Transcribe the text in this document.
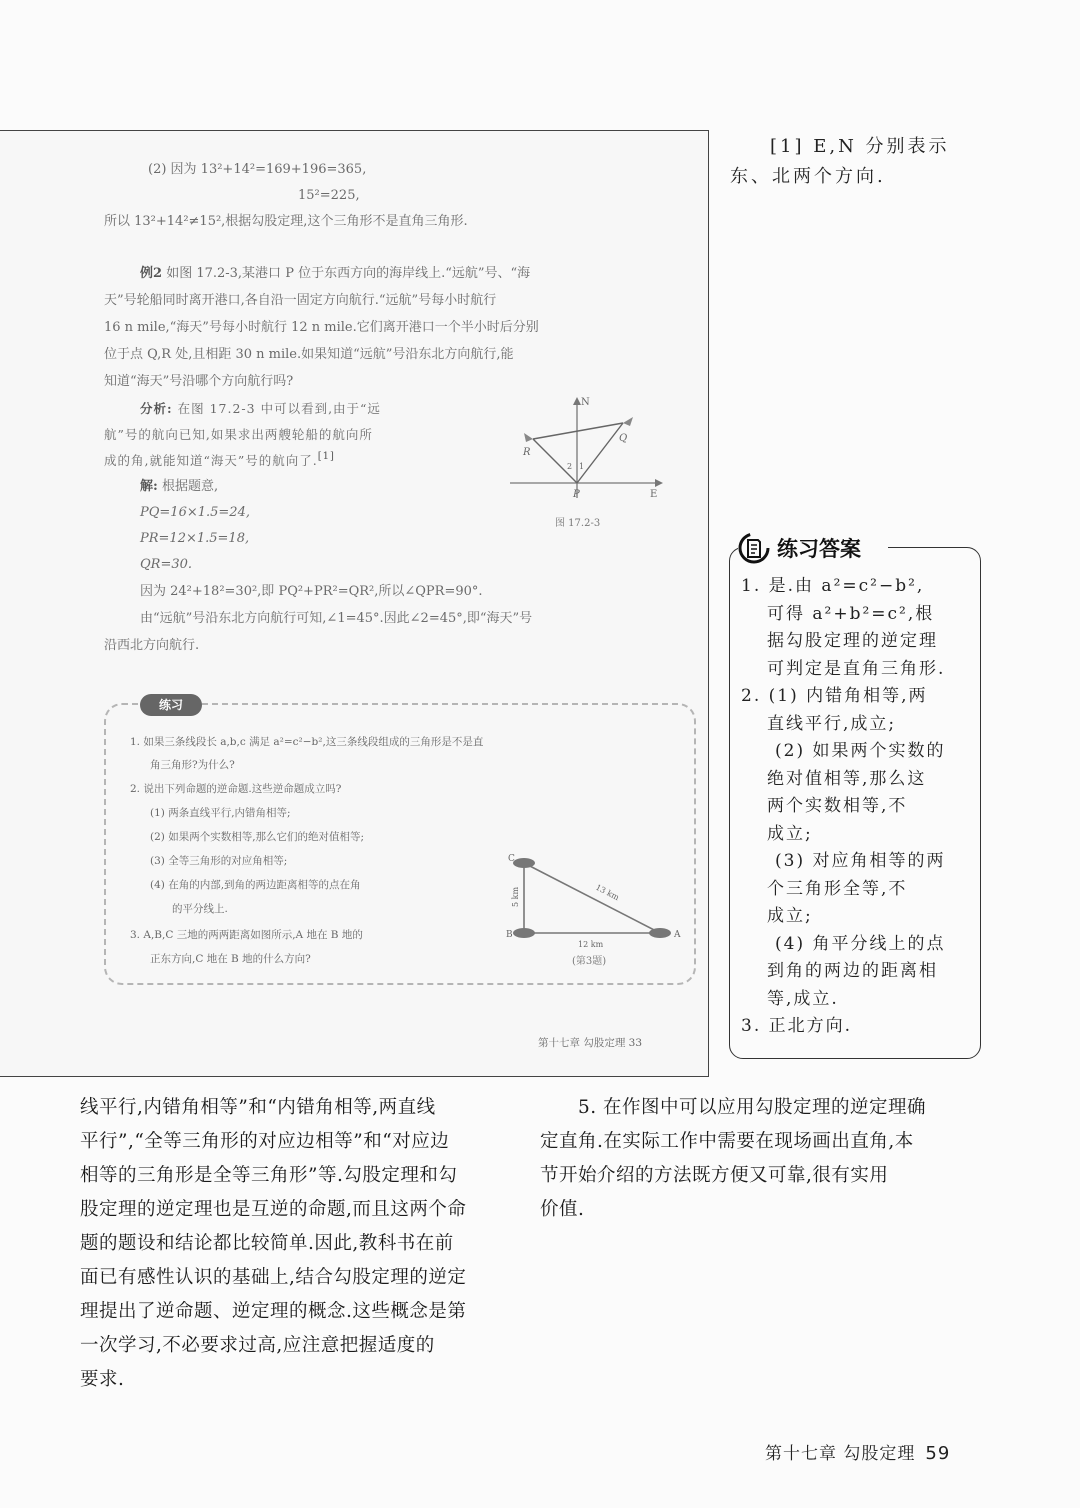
(2) 因为 13²+14²=169+196=365,
15²=225,
所以 13²+14²≠15²,根据勾股定理,这个三角形不是直角三角形.
例2 如图 17.2-3,某港口 P 位于东西方向的海岸线上.“远航”号、“海
天”号轮船同时离开港口,各自沿一固定方向航行.“远航”号每小时航行
16 n mile,“海天”号每小时航行 12 n mile.它们离开港口一个半小时后分别
位于点 Q,R 处,且相距 30 n mile.如果知道“远航”号沿东北方向航行,能
知道“海天”号沿哪个方向航行吗?
分析: 在图 17.2-3 中可以看到,由于“远
航”号的航向已知,如果求出两艘轮船的航向所
成的角,就能知道“海天”号的航向了.[1]
解: 根据题意,
PQ=16×1.5=24,
PR=12×1.5=18,
QR=30.
因为 24²+18²=30²,即 PQ²+PR²=QR²,所以∠QPR=90°.
由“远航”号沿东北方向航行可知,∠1=45°.因此∠2=45°,即“海天”号
沿西北方向航行.
N
E
P
Q
R
1
2
图 17.2-3
练习
1. 如果三条线段长 a,b,c 满足 a²=c²−b²,这三条线段组成的三角形是不是直
角三角形?为什么?
2. 说出下列命题的逆命题.这些逆命题成立吗?
(1) 两条直线平行,内错角相等;
(2) 如果两个实数相等,那么它们的绝对值相等;
(3) 全等三角形的对应角相等;
(4) 在角的内部,到角的两边距离相等的点在角
的平分线上.
3. A,B,C 三地的两两距离如图所示,A 地在 B 地的
正东方向,C 地在 B 地的什么方向?
C
B	A
5 km	13 km
12 km
(第3题)
第十七章 勾股定理 33
[1] E,N 分别表示
东、北两个方向.
练习答案
1. 是.由 a²=c²−b²,
可得 a²+b²=c²,根
据勾股定理的逆定理
可判定是直角三角形.
2. (1) 内错角相等,两
直线平行,成立;
(2) 如果两个实数的
绝对值相等,那么这
两个实数相等,不
成立;
(3) 对应角相等的两
个三角形全等,不
成立;
(4) 角平分线上的点
到角的两边的距离相
等,成立.
3. 正北方向.

线平行,内错角相等”和“内错角相等,两直线

平行”,“全等三角形的对应边相等”和“对应边

相等的三角形是全等三角形”等.勾股定理和勾

股定理的逆定理也是互逆的命题,而且这两个命

题的题设和结论都比较简单.因此,教科书在前

面已有感性认识的基础上,结合勾股定理的逆定

理提出了逆命题、逆定理的概念.这些概念是第

一次学习,不必要求过高,应注意把握适度的

要求.

5. 在作图中可以应用勾股定理的逆定理确

定直角.在实际工作中需要在现场画出直角,本

节开始介绍的方法既方便又可靠,很有实用

价值.

第十七章 勾股定理 59
